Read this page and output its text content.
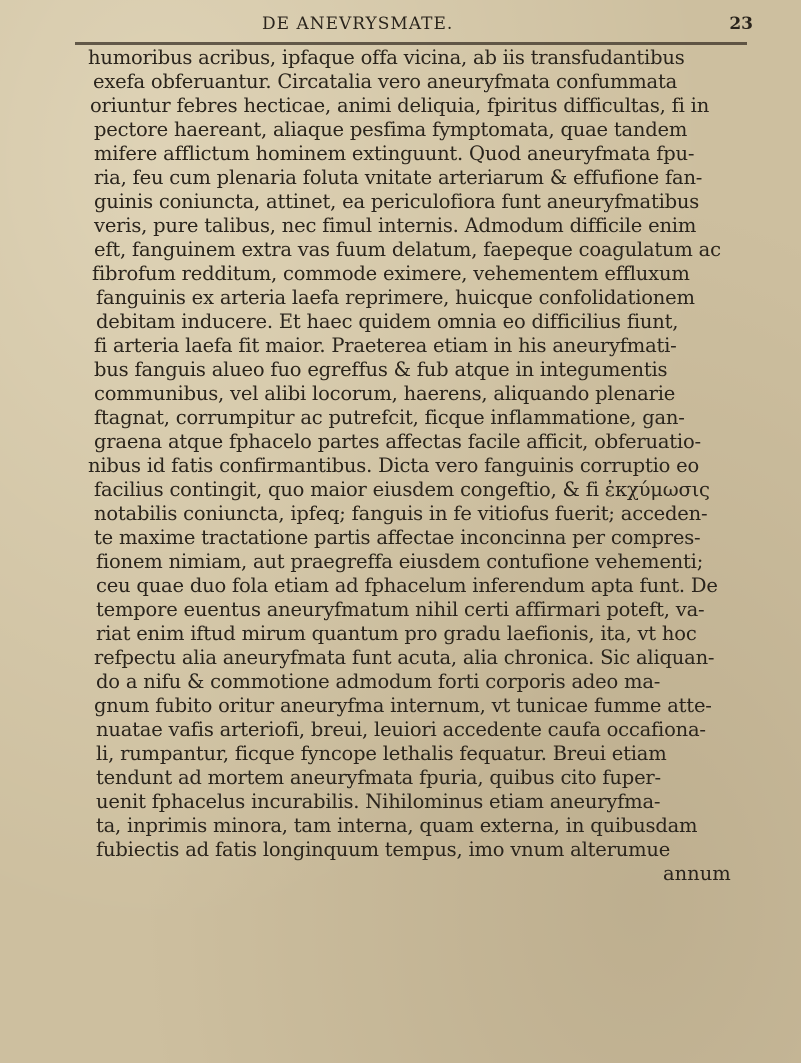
DE ANEVRYSMATE.	23
humoribus acribus, ipfaque offa vicina, ab iis transfudantibus
exefa obferuantur. Circatalia vero aneuryfmata confummata
oriuntur febres hecticae, animi deliquia, fpiritus difficultas, fi in
pectore haereant, aliaque pesfima fymptomata, quae tandem
mifere afflictum hominem extinguunt. Quod aneuryfmata fpu-
ria, feu cum plenaria foluta vnitate arteriarum & effufione fan-
guinis coniuncta, attinet, ea periculofiora funt aneuryfmatibus
veris, pure talibus, nec fimul internis. Admodum difficile enim
eft, fanguinem extra vas fuum delatum, faepeque coagulatum ac
fibrofum redditum, commode eximere, vehementem effluxum
fanguinis ex arteria laefa reprimere, huicque confolidationem
debitam inducere. Et haec quidem omnia eo difficilius fiunt,
fi arteria laefa fit maior. Praeterea etiam in his aneuryfmati-
bus fanguis alueo fuo egreffus & fub atque in integumentis
communibus, vel alibi locorum, haerens, aliquando plenarie
ftagnat, corrumpitur ac putrefcit, ficque inflammatione, gan-
graena atque fphacelo partes affectas facile afficit, obferuatio-
nibus id fatis confirmantibus. Dicta vero fanguinis corruptio eo
facilius contingit, quo maior eiusdem congeftio, & fi ἐκχύμωσις
notabilis coniuncta, ipfeq; fanguis in fe vitiofus fuerit; acceden-
te maxime tractatione partis affectae inconcinna per compres-
fionem nimiam, aut praegreffa eiusdem contufione vehementi;
ceu quae duo fola etiam ad fphacelum inferendum apta funt. De
tempore euentus aneuryfmatum nihil certi affirmari poteft, va-
riat enim iftud mirum quantum pro gradu laefionis, ita, vt hoc
refpectu alia aneuryfmata funt acuta, alia chronica. Sic aliquan-
do a nifu & commotione admodum forti corporis adeo ma-
gnum fubito oritur aneuryfma internum, vt tunicae fumme atte-
nuatae vafis arteriofi, breui, leuiori accedente caufa occafiona-
li, rumpantur, ficque fyncope lethalis fequatur. Breui etiam
tendunt ad mortem aneuryfmata fpuria, quibus cito fuper-
uenit fphacelus incurabilis. Nihilominus etiam aneuryfma-
ta, inprimis minora, tam interna, quam externa, in quibusdam
fubiectis ad fatis longinquum tempus, imo vnum alterumue
annum
